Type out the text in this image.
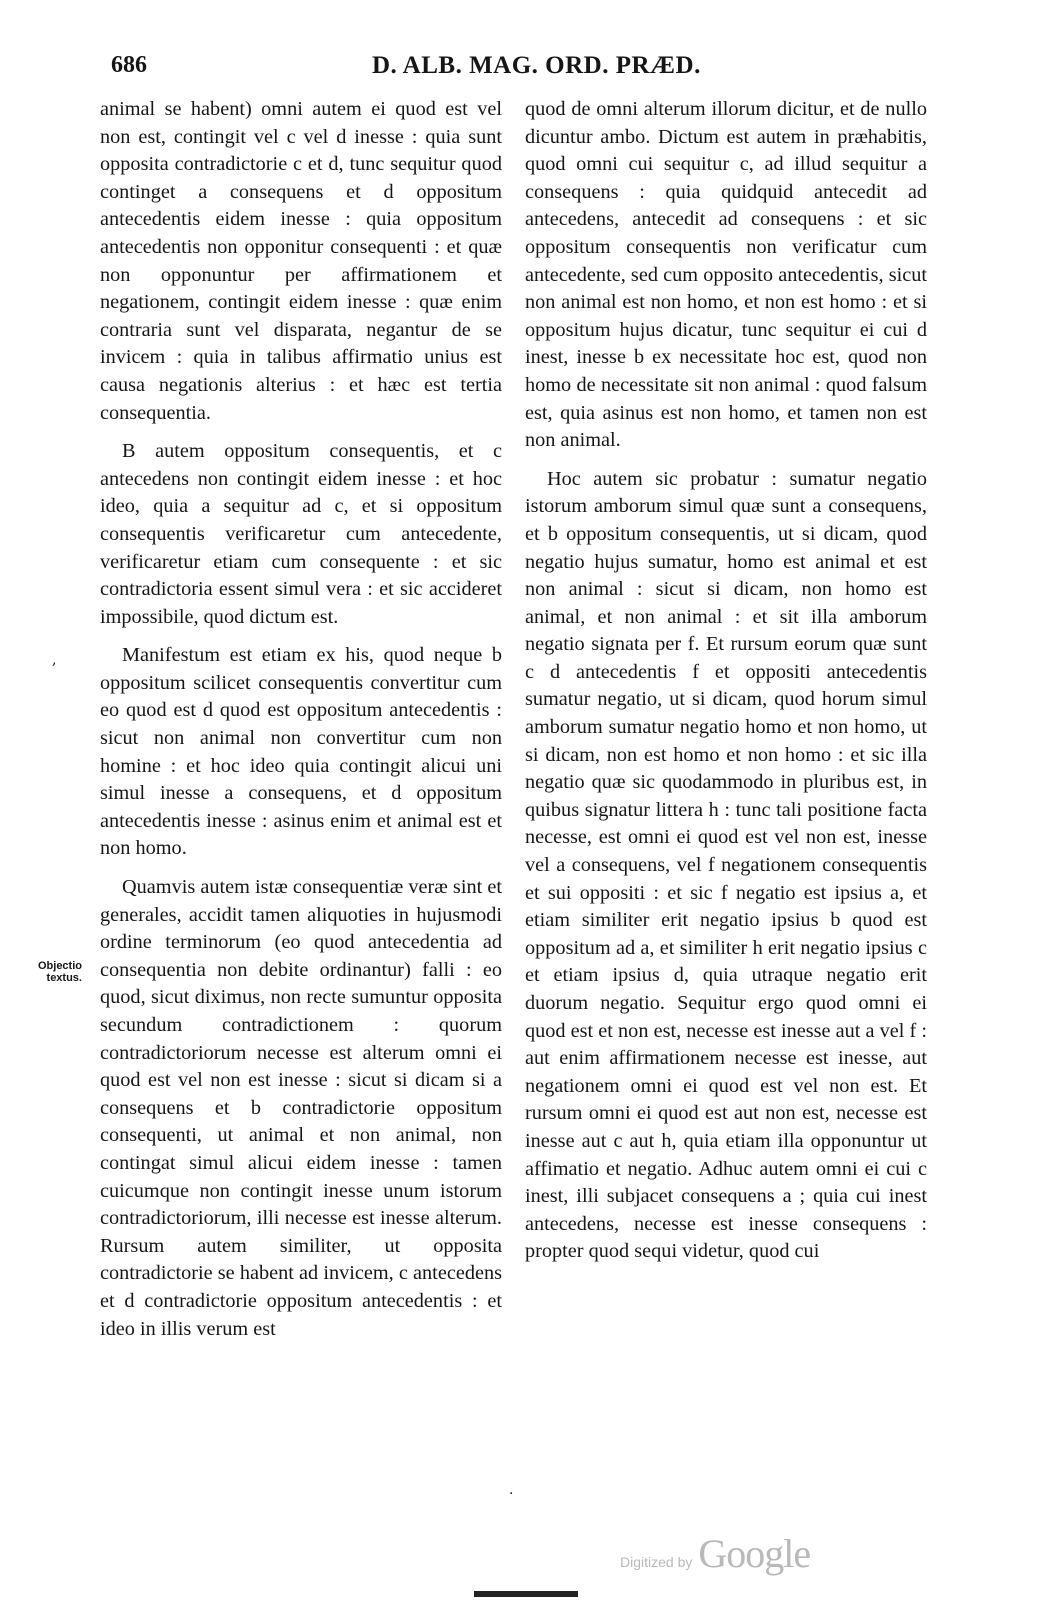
686	D. ALB. MAG. ORD. PRÆD.
Objectio textus.
,
.

animal se habent) omni autem ei quod est vel non est, contingit vel c vel d inesse : quia sunt opposita contradictorie c et d, tunc sequitur quod continget a consequens et d oppositum antecedentis eidem inesse : quia oppositum antecedentis non opponitur consequenti : et quæ non opponuntur per affirmationem et negationem, contingit eidem inesse : quæ enim contraria sunt vel disparata, negantur de se invicem : quia in talibus affirmatio unius est causa negationis alterius : et hæc est tertia consequentia.

B autem oppositum consequentis, et c antecedens non contingit eidem inesse : et hoc ideo, quia a sequitur ad c, et si oppositum consequentis verificaretur cum antecedente, verificaretur etiam cum consequente : et sic contradictoria essent simul vera : et sic accideret impossibile, quod dictum est.

Manifestum est etiam ex his, quod neque b oppositum scilicet consequentis convertitur cum eo quod est d quod est oppositum antecedentis : sicut non animal non convertitur cum non homine : et hoc ideo quia contingit alicui uni simul inesse a consequens, et d oppositum antecedentis inesse : asinus enim et animal est et non homo.

Quamvis autem istæ consequentiæ veræ sint et generales, accidit tamen aliquoties in hujusmodi ordine terminorum (eo quod antecedentia ad consequentia non debite ordinantur) falli : eo quod, sicut diximus, non recte sumuntur opposita secundum contradictionem : quorum contradictoriorum necesse est alterum omni ei quod est vel non est inesse : sicut si dicam si a consequens et b contradictorie oppositum consequenti, ut animal et non animal, non contingat simul alicui eidem inesse : tamen cuicumque non contingit inesse unum istorum contradictoriorum, illi necesse est inesse alterum. Rursum autem similiter, ut opposita contradictorie se habent ad invicem, c antecedens et d contradictorie oppositum antecedentis : et ideo in illis verum est

quod de omni alterum illorum dicitur, et de nullo dicuntur ambo. Dictum est autem in præhabitis, quod omni cui sequitur c, ad illud sequitur a consequens : quia quidquid antecedit ad antecedens, antecedit ad consequens : et sic oppositum consequentis non verificatur cum antecedente, sed cum opposito antecedentis, sicut non animal est non homo, et non est homo : et si oppositum hujus dicatur, tunc sequitur ei cui d inest, inesse b ex necessitate hoc est, quod non homo de necessitate sit non animal : quod falsum est, quia asinus est non homo, et tamen non est non animal.

Hoc autem sic probatur : sumatur negatio istorum amborum simul quæ sunt a consequens, et b oppositum consequentis, ut si dicam, quod negatio hujus sumatur, homo est animal et est non animal : sicut si dicam, non homo est animal, et non animal : et sit illa amborum negatio signata per f. Et rursum eorum quæ sunt c d antecedentis f et oppositi antecedentis sumatur negatio, ut si dicam, quod horum simul amborum sumatur negatio homo et non homo, ut si dicam, non est homo et non homo : et sic illa negatio quæ sic quodammodo in pluribus est, in quibus signatur littera h : tunc tali positione facta necesse, est omni ei quod est vel non est, inesse vel a consequens, vel f negationem consequentis et sui oppositi : et sic f negatio est ipsius a, et etiam similiter erit negatio ipsius b quod est oppositum ad a, et similiter h erit negatio ipsius c et etiam ipsius d, quia utraque negatio erit duorum negatio. Sequitur ergo quod omni ei quod est et non est, necesse est inesse aut a vel f : aut enim affirmationem necesse est inesse, aut negationem omni ei quod est vel non est. Et rursum omni ei quod est aut non est, necesse est inesse aut c aut h, quia etiam illa opponuntur ut affimatio et negatio. Adhuc autem omni ei cui c inest, illi subjacet consequens a ; quia cui inest antecedens, necesse est inesse consequens : propter quod sequi videtur, quod cui

Digitized by Google
